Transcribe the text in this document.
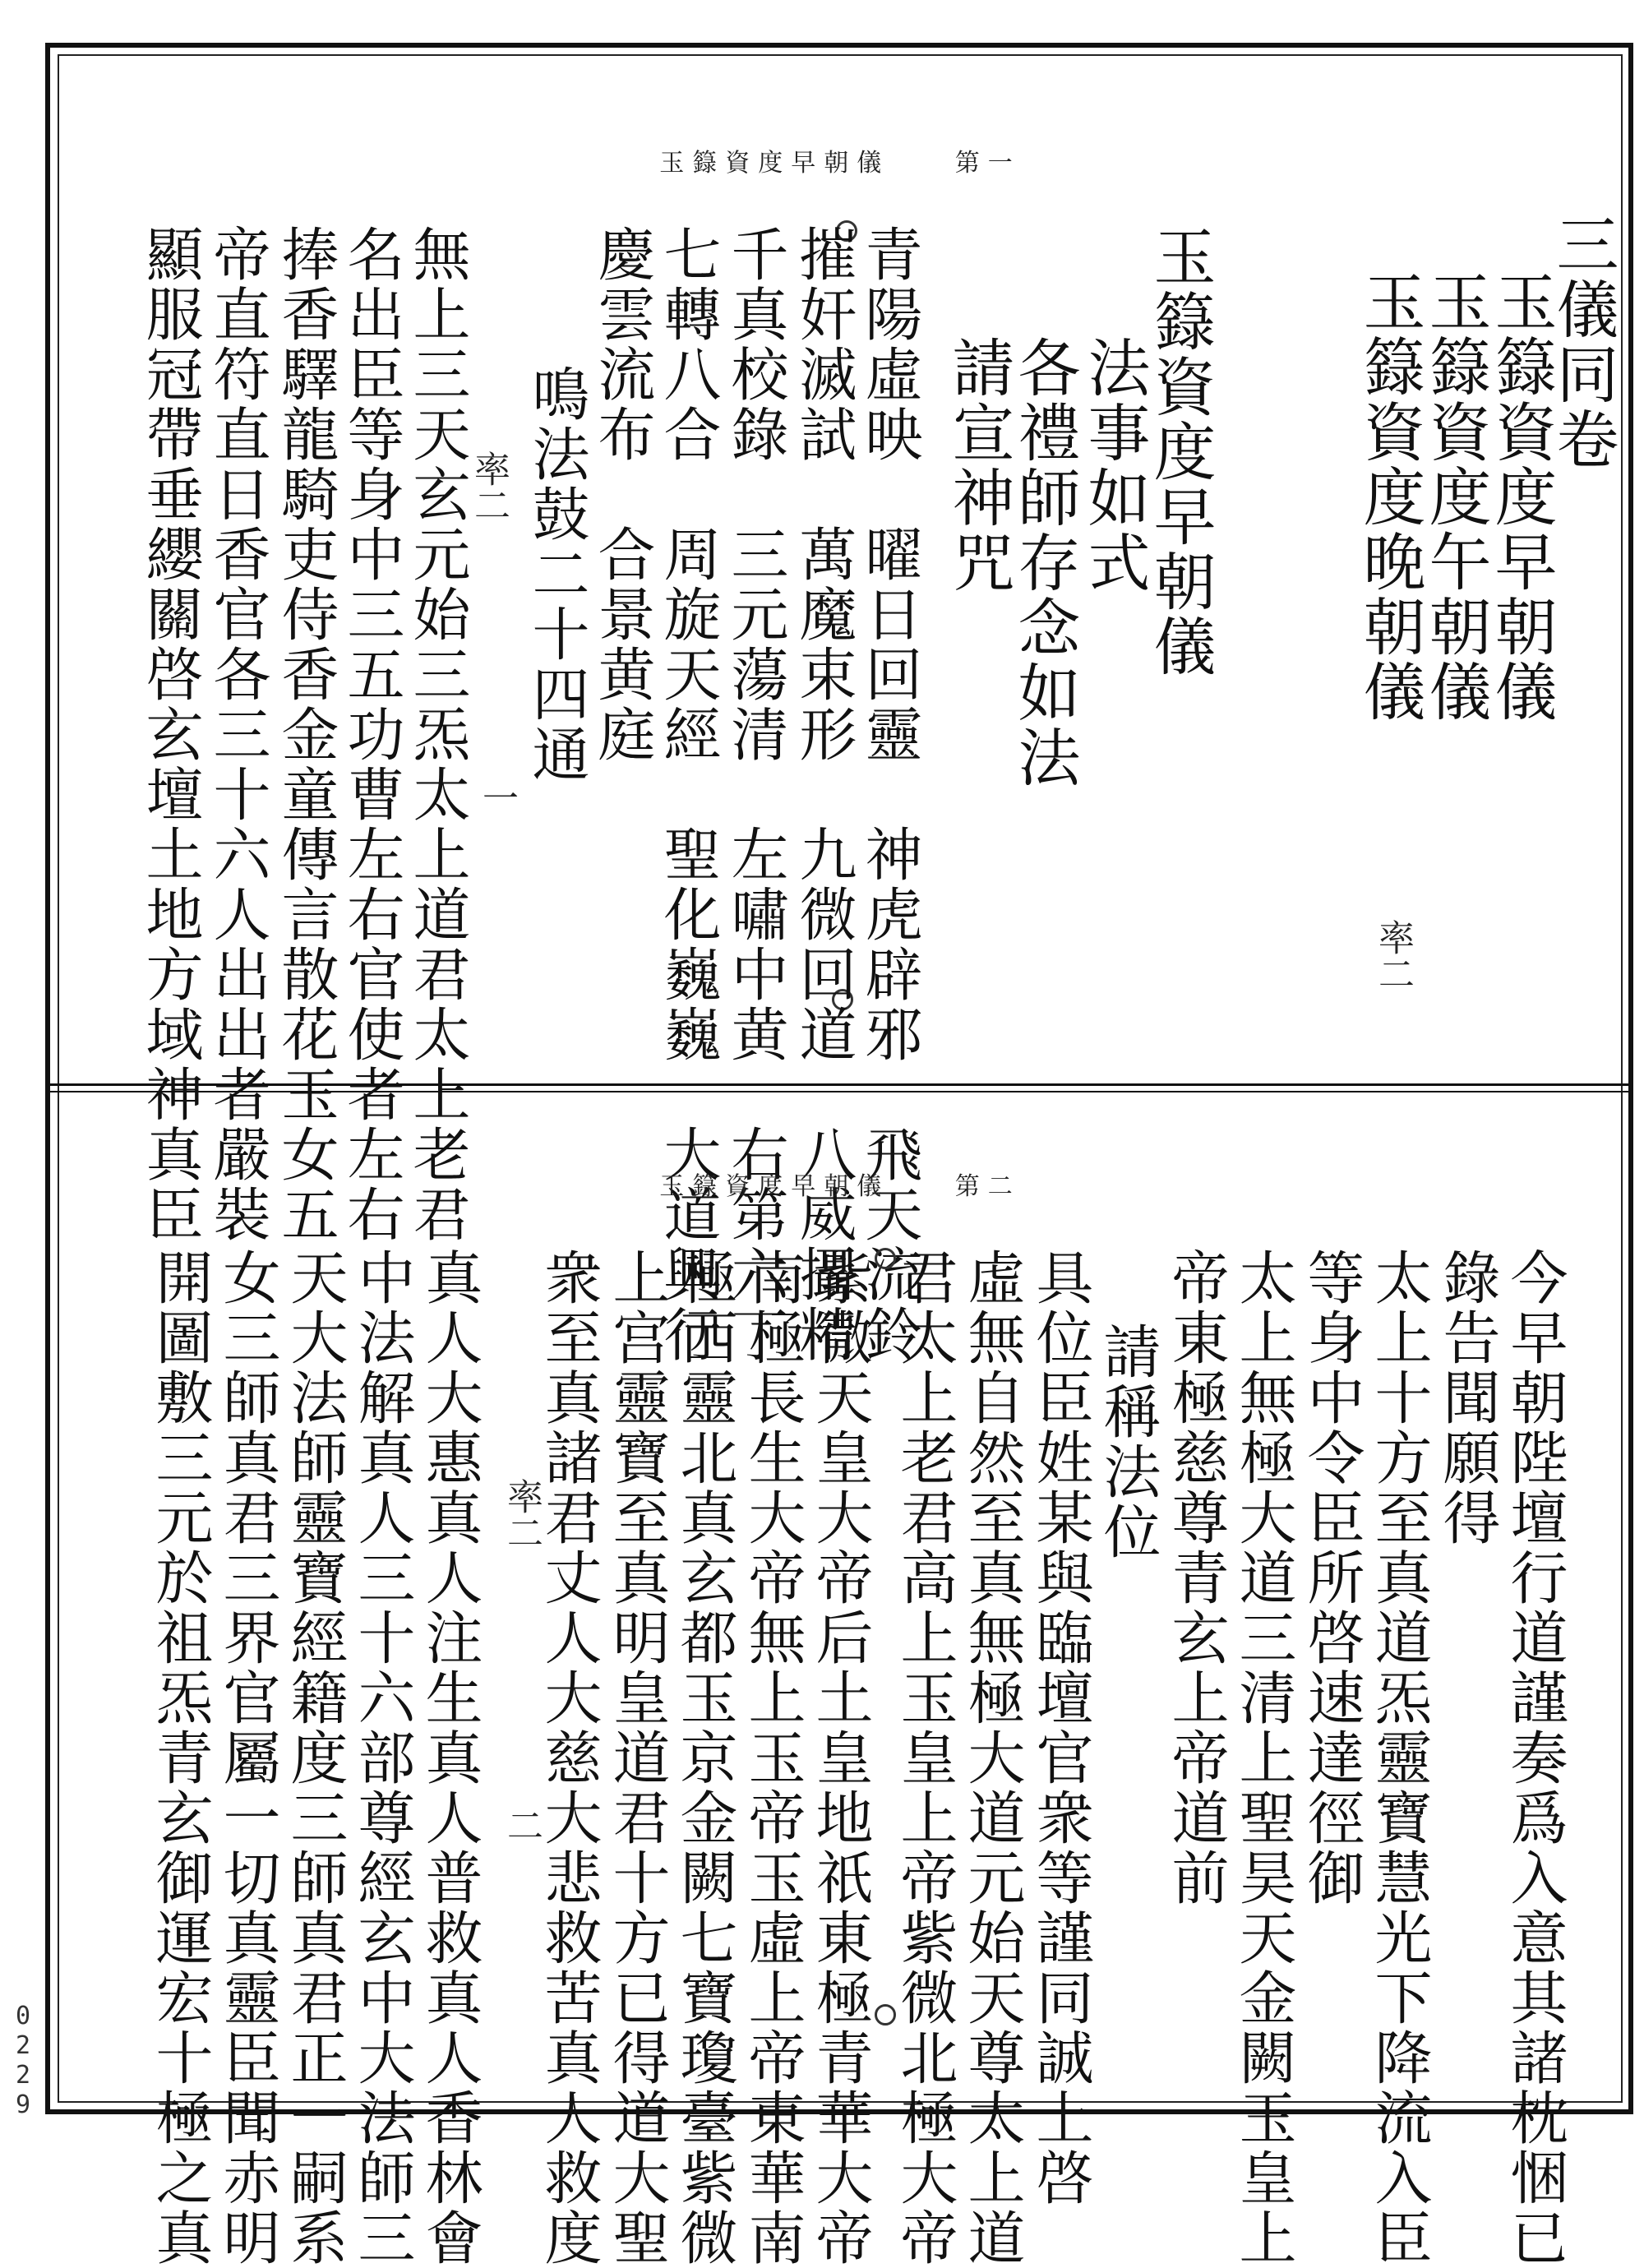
玉籙資度早朝儀	第一
三儀同卷
玉籙資度早朝儀
玉籙資度午朝儀
玉籙資度晚朝儀
率二
玉籙資度早朝儀
法事如式
各禮師存念如法
請宣神咒
青陽虛映　曜日回靈　神虎辟邪　飛天流鈴
摧奸滅試　萬魔束形　九微回道　八威攝精
千真校錄　三元蕩清　左嘯中黄　右第六丁
七轉八合　周旋天經　聖化巍巍　大道興行
慶雲流布　合景黄庭
鳴法鼓二十四通
率二
一
無上三天玄元始三炁太上道君太上老君
名出臣等身中三五功曹左右官使者左右
捧香驛龍騎吏侍香金童傳言散花玉女五
帝直符直日香官各三十六人出出者嚴裝
顯服冠帶垂纓關啓玄壇土地方域神真臣	玉籙資度早朝儀	第二
今早朝陛壇行道謹奏爲入意其諸枕悃已
錄告聞願得
太上十方至真道炁靈寶慧光下降流入臣
等身中令臣所啓速達徑御
太上無極大道三清上聖昊天金闕玉皇上
帝東極慈尊青玄上帝道前
請稱法位
具位臣姓某與臨壇官衆等謹同誠上啓
虛無自然至真無極大道元始天尊太上道
君太上老君高上玉皇上帝紫微北極大帝
紫微天皇大帝后土皇地祇東極青華大帝
南極長生大帝無上玉帝玉虛上帝東華南
極西靈北真玄都玉京金闕七寶瓊臺紫微
上宫靈寶至真明皇道君十方已得道大聖
衆至真諸君丈人大慈大悲救苦真人救度
率二
二
真人大惠真人注生真人普救真人香林會
中法解真人三十六部尊經玄中大法師三
天大法師靈寶經籍度三師真君正一嗣系
女三師真君三界官屬一切真靈臣聞赤明
開圖敷三元於祖炁青玄御運宏十極之真
0229
